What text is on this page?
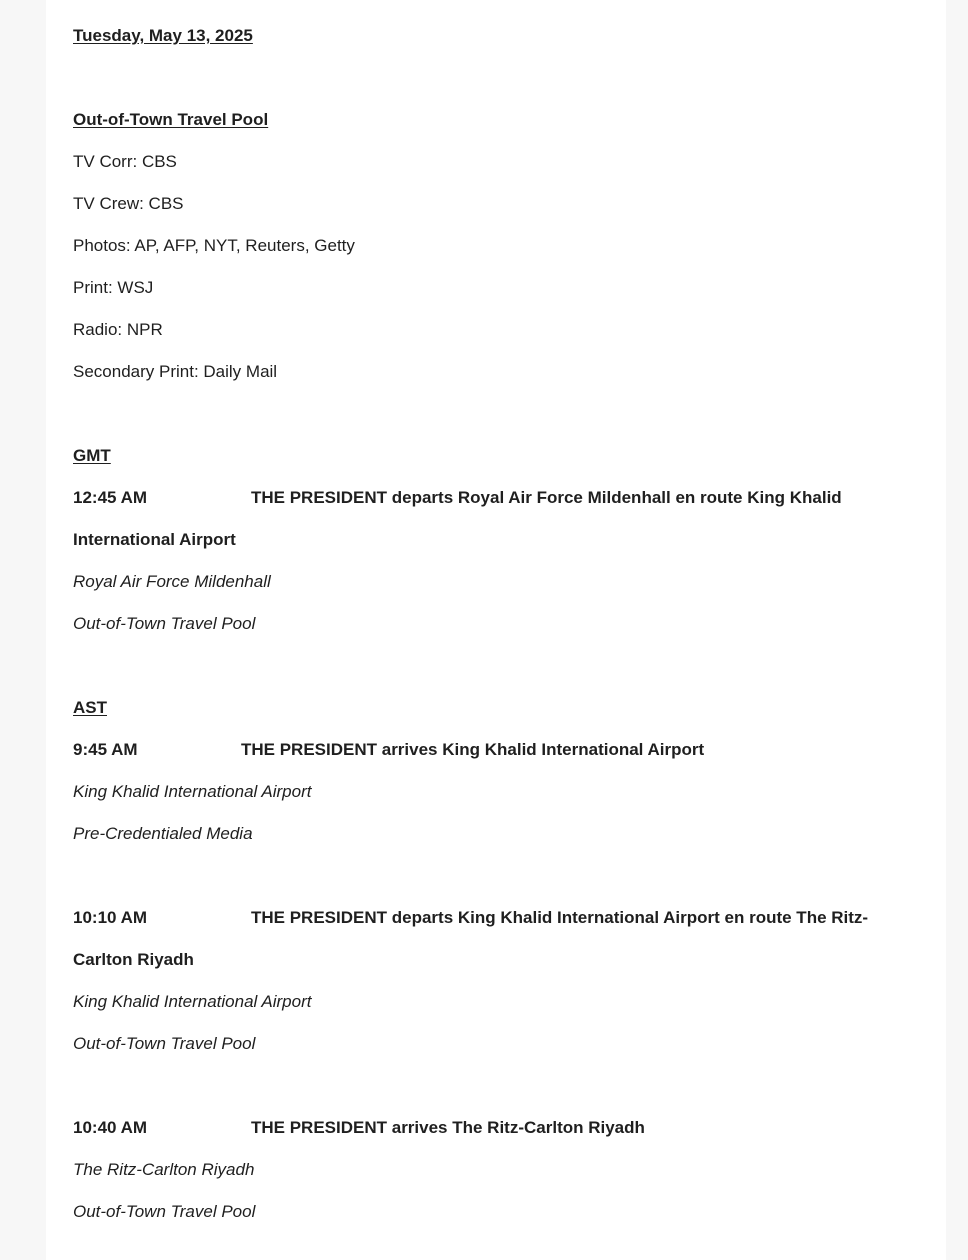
Tuesday, May 13, 2025

Out-of-Town Travel Pool

TV Corr: CBS

TV Crew: CBS

Photos: AP, AFP, NYT, Reuters, Getty

Print: WSJ

Radio: NPR

Secondary Print: Daily Mail

GMT

12:45 AM	THE PRESIDENT departs Royal Air Force Mildenhall en route King Khalid International Airport

Royal Air Force Mildenhall

Out-of-Town Travel Pool

AST

9:45 AM	THE PRESIDENT arrives King Khalid International Airport

King Khalid International Airport

Pre-Credentialed Media

10:10 AM	THE PRESIDENT departs King Khalid International Airport en route The Ritz-Carlton Riyadh

King Khalid International Airport

Out-of-Town Travel Pool

10:40 AM	THE PRESIDENT arrives The Ritz-Carlton Riyadh

The Ritz-Carlton Riyadh

Out-of-Town Travel Pool
